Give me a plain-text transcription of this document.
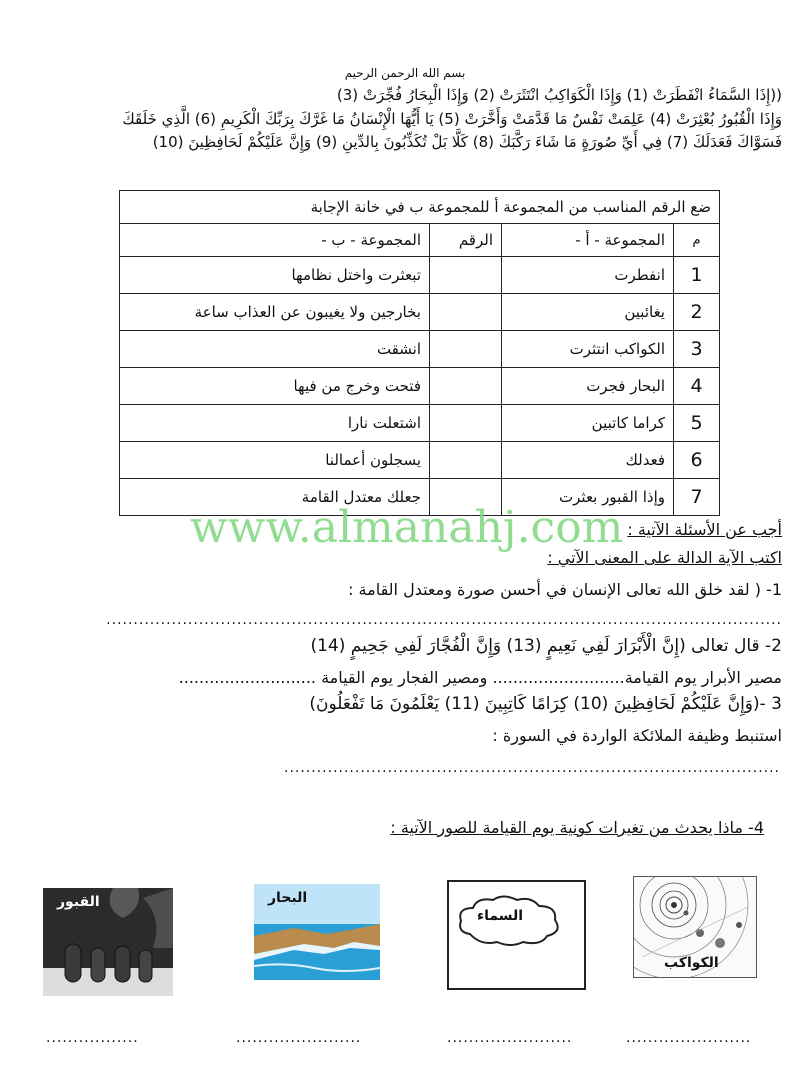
بسم الله الرحمن الرحيم
((إِذَا السَّمَاءُ انْفَطَرَتْ (1) وَإِذَا الْكَوَاكِبُ انْتَثَرَتْ (2) وَإِذَا الْبِحَارُ فُجِّرَتْ (3)
وَإِذَا الْقُبُورُ بُعْثِرَتْ (4) عَلِمَتْ نَفْسٌ مَا قَدَّمَتْ وَأَخَّرَتْ (5) يَا أَيُّهَا الْإِنْسَانُ مَا غَرَّكَ بِرَبِّكَ الْكَرِيمِ (6) الَّذِي خَلَقَكَ
فَسَوَّاكَ فَعَدَلَكَ (7) فِي أَيِّ صُورَةٍ مَا شَاءَ رَكَّبَكَ (8) كَلَّا بَلْ تُكَذِّبُونَ بِالدِّينِ (9) وَإِنَّ عَلَيْكُمْ لَحَافِظِينَ (10)
ضع الرقم المناسب من المجموعة أ للمجموعة ب في خانة الإجابة			
م	المجموعة - أ -	الرقم	المجموعة - ب -
1	انفطرت		تبعثرت واختل نظامها
2	يغائبين		بخارجين ولا يغيبون عن العذاب ساعة
3	الكواكب انتثرت		انشقت
4	البحار فجرت		فتحت وخرج من فيها
5	كراما كاتبين		اشتعلت نارا
6	فعدلك		يسجلون أعمالنا
7	وإذا القبور بعثرت		جعلك معتدل القامة
www.almanahj.com أجب عن الأسئلة الآتية :
اكتب الآية الدالة على المعنى الآتي :
1- ( لقد خلق الله تعالى الإنسان في أحسن صورة ومعتدل القامة :
............................................................................................................................
2- قال تعالى (إِنَّ الْأَبْرَارَ لَفِي نَعِيمٍ (13) وَإِنَّ الْفُجَّارَ لَفِي جَحِيمٍ (14)
مصير الأبرار يوم القيامة.......................... ومصير الفجار يوم القيامة ...........................
3 -(وَإِنَّ عَلَيْكُمْ لَحَافِظِينَ (10) كِرَامًا كَاتِبِينَ (11) يَعْلَمُونَ مَا تَفْعَلُونَ)
استنبط وظيفة الملائكة الواردة في السورة :
...........................................................................................
4- ماذا يحدث من تغيرات كونية يوم القيامة للصور الآتية :
الكواكب
.......................
السماء
.......................
البحار
.......................
القبور
.................
